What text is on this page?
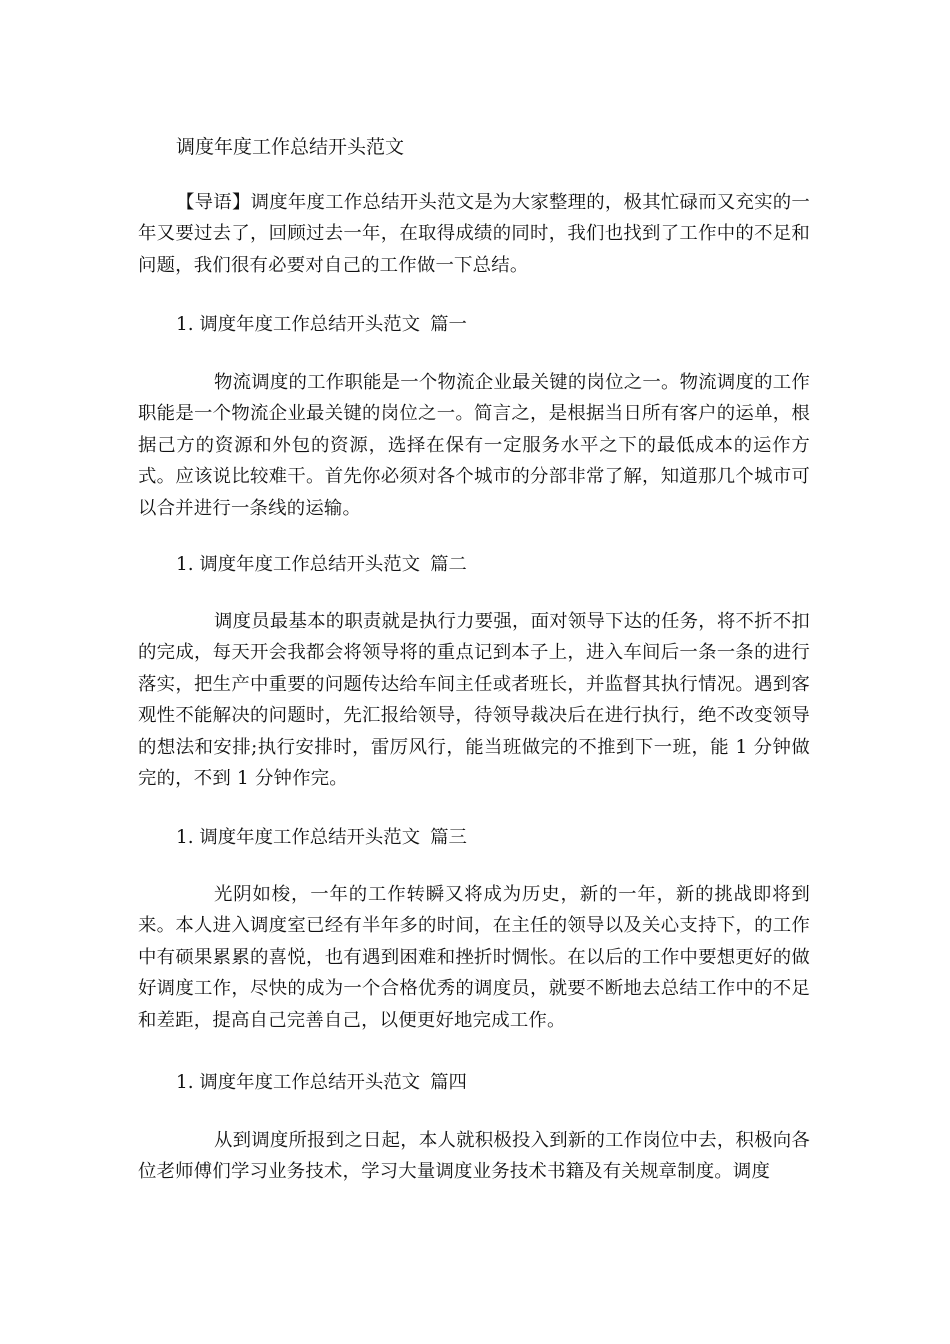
调度年度工作总结开头范文
【导语】调度年度工作总结开头范文是为大家整理的，极其忙碌而又充实的一年又要过去了，回顾过去一年，在取得成绩的同时，我们也找到了工作中的不足和问题，我们很有必要对自己的工作做一下总结。
1. 调度年度工作总结开头范文 篇一
物流调度的工作职能是一个物流企业最关键的岗位之一。物流调度的工作职能是一个物流企业最关键的岗位之一。简言之，是根据当日所有客户的运单，根据己方的资源和外包的资源，选择在保有一定服务水平之下的最低成本的运作方式。应该说比较难干。首先你必须对各个城市的分部非常了解，知道那几个城市可以合并进行一条线的运输。
1. 调度年度工作总结开头范文 篇二
调度员最基本的职责就是执行力要强，面对领导下达的任务，将不折不扣的完成，每天开会我都会将领导将的重点记到本子上，进入车间后一条一条的进行落实，把生产中重要的问题传达给车间主任或者班长，并监督其执行情况。遇到客观性不能解决的问题时，先汇报给领导，待领导裁决后在进行执行，绝不改变领导的想法和安排;执行安排时，雷厉风行，能当班做完的不推到下一班，能 1 分钟做完的，不到 1 分钟作完。
1. 调度年度工作总结开头范文 篇三
光阴如梭，一年的工作转瞬又将成为历史，新的一年，新的挑战即将到来。本人进入调度室已经有半年多的时间，在主任的领导以及关心支持下，的工作中有硕果累累的喜悦，也有遇到困难和挫折时惆怅。在以后的工作中要想更好的做好调度工作，尽快的成为一个合格优秀的调度员，就要不断地去总结工作中的不足和差距，提高自己完善自己，以便更好地完成工作。
1. 调度年度工作总结开头范文 篇四
从到调度所报到之日起，本人就积极投入到新的工作岗位中去，积极向各位老师傅们学习业务技术，学习大量调度业务技术书籍及有关规章制度。调度
